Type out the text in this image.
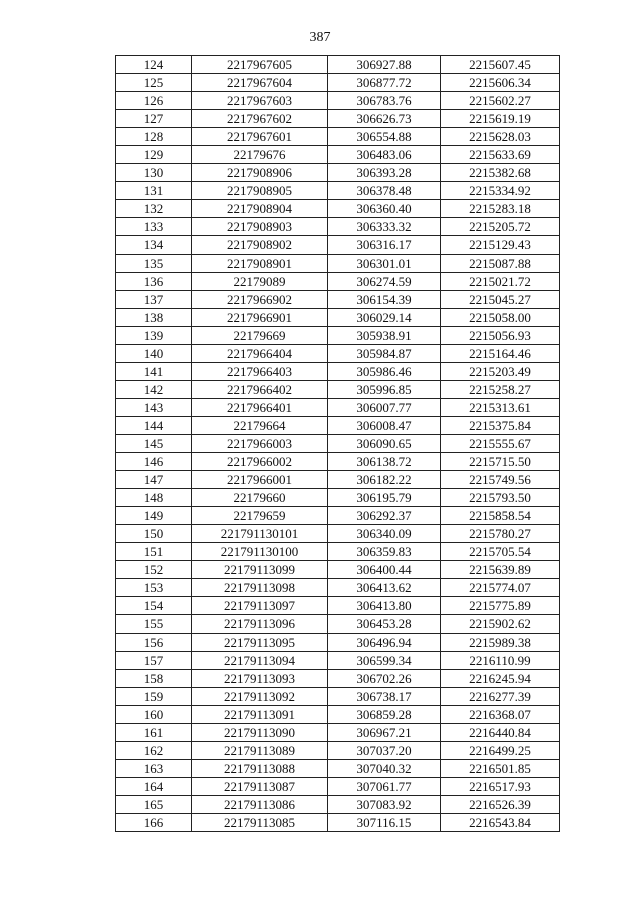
387
124	2217967605	306927.88	2215607.45
125	2217967604	306877.72	2215606.34
126	2217967603	306783.76	2215602.27
127	2217967602	306626.73	2215619.19
128	2217967601	306554.88	2215628.03
129	22179676	306483.06	2215633.69
130	2217908906	306393.28	2215382.68
131	2217908905	306378.48	2215334.92
132	2217908904	306360.40	2215283.18
133	2217908903	306333.32	2215205.72
134	2217908902	306316.17	2215129.43
135	2217908901	306301.01	2215087.88
136	22179089	306274.59	2215021.72
137	2217966902	306154.39	2215045.27
138	2217966901	306029.14	2215058.00
139	22179669	305938.91	2215056.93
140	2217966404	305984.87	2215164.46
141	2217966403	305986.46	2215203.49
142	2217966402	305996.85	2215258.27
143	2217966401	306007.77	2215313.61
144	22179664	306008.47	2215375.84
145	2217966003	306090.65	2215555.67
146	2217966002	306138.72	2215715.50
147	2217966001	306182.22	2215749.56
148	22179660	306195.79	2215793.50
149	22179659	306292.37	2215858.54
150	221791130101	306340.09	2215780.27
151	221791130100	306359.83	2215705.54
152	22179113099	306400.44	2215639.89
153	22179113098	306413.62	2215774.07
154	22179113097	306413.80	2215775.89
155	22179113096	306453.28	2215902.62
156	22179113095	306496.94	2215989.38
157	22179113094	306599.34	2216110.99
158	22179113093	306702.26	2216245.94
159	22179113092	306738.17	2216277.39
160	22179113091	306859.28	2216368.07
161	22179113090	306967.21	2216440.84
162	22179113089	307037.20	2216499.25
163	22179113088	307040.32	2216501.85
164	22179113087	307061.77	2216517.93
165	22179113086	307083.92	2216526.39
166	22179113085	307116.15	2216543.84
